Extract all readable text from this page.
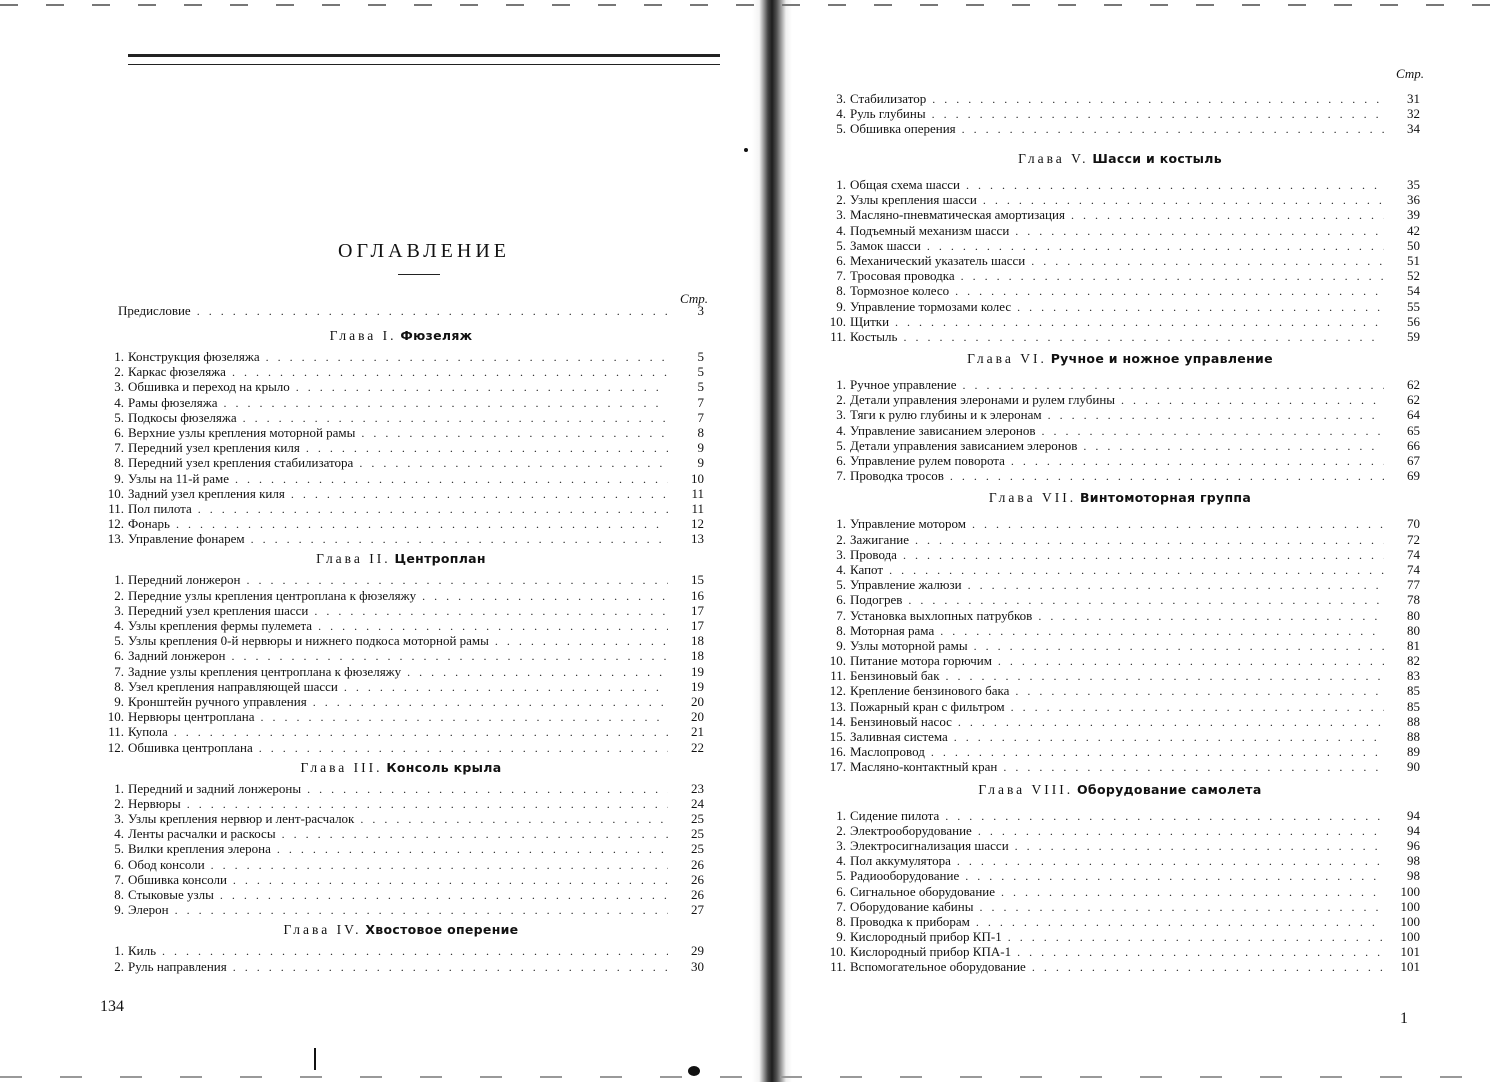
ОГЛАВЛЕНИЕ
Стр.
Предисловие . . .	3
Глава I. Фюзеляж
1. Конструкция фюзеляжа . . .	5
2. Каркас фюзеляжа . . .	5
3. Обшивка и переход на крыло . . .	5
4. Рамы фюзеляжа . . .	7
5. Подкосы фюзеляжа . . .	7
6. Верхние узлы крепления моторной рамы . . .	8
7. Передний узел крепления киля . . .	9
8. Передний узел крепления стабилизатора . . .	9
9. Узлы на 11-й раме . . .	10
10. Задний узел крепления киля . . .	11
11. Пол пилота . . .	11
12. Фонарь . . .	12
13. Управление фонарем . . .	13
Глава II. Центроплан
1. Передний лонжерон . . .	15
2. Передние узлы крепления центроплана к фюзеляжу . . .	16
3. Передний узел крепления шасси . . .	17
4. Узлы крепления фермы пулемета . . .	17
5. Узлы крепления 0-й нервюры и нижнего подкоса моторной рамы . . .	18
6. Задний лонжерон . . .	18
7. Задние узлы крепления центроплана к фюзеляжу . . .	19
8. Узел крепления направляющей шасси . . .	19
9. Кронштейн ручного управления . . .	20
10. Нервюры центроплана . . .	20
11. Купола . . .	21
12. Обшивка центроплана . . .	22
Глава III. Консоль крыла
1. Передний и задний лонжероны . . .	23
2. Нервюры . . .	24
3. Узлы крепления нервюр и лент-расчалок . . .	25
4. Ленты расчалки и раскосы . . .	25
5. Вилки крепления элерона . . .	25
6. Обод консоли . . .	26
7. Обшивка консоли . . .	26
8. Стыковые узлы . . .	26
9. Элерон . . .	27
Глава IV. Хвостовое оперение
1. Киль . . .	29
2. Руль направления . . .	30
134
Стр.
3. Стабилизатор . . .	31
4. Руль глубины . . .	32
5. Обшивка оперения . . .	34
Глава V. Шасси и костыль
1. Общая схема шасси . . .	35
2. Узлы крепления шасси . . .	36
3. Масляно-пневматическая амортизация . . .	39
4. Подъемный механизм шасси . . .	42
5. Замок шасси . . .	50
6. Механический указатель шасси . . .	51
7. Тросовая проводка . . .	52
8. Тормозное колесо . . .	54
9. Управление тормозами колес . . .	55
10. Щитки . . .	56
11. Костыль . . .	59
Глава VI. Ручное и ножное управление
1. Ручное управление . . .	62
2. Детали управления элеронами и рулем глубины . . .	62
3. Тяги к рулю глубины и к элеронам . . .	64
4. Управление зависанием элеронов . . .	65
5. Детали управления зависанием элеронов . . .	66
6. Управление рулем поворота . . .	67
7. Проводка тросов . . .	69
Глава VII. Винтомоторная группа
1. Управление мотором . . .	70
2. Зажигание . . .	72
3. Провода . . .	74
4. Капот . . .	74
5. Управление жалюзи . . .	77
6. Подогрев . . .	78
7. Установка выхлопных патрубков . . .	80
8. Моторная рама . . .	80
9. Узлы моторной рамы . . .	81
10. Питание мотора горючим . . .	82
11. Бензиновый бак . . .	83
12. Крепление бензинового бака . . .	85
13. Пожарный кран с фильтром . . .	85
14. Бензиновый насос . . .	88
15. Заливная система . . .	88
16. Маслопровод . . .	89
17. Масляно-контактный кран . . .	90
Глава VIII. Оборудование самолета
1. Сидение пилота . . .	94
2. Электрооборудование . . .	94
3. Электросигнализация шасси . . .	96
4. Пол аккумулятора . . .	98
5. Радиооборудование . . .	98
6. Сигнальное оборудование . . .	100
7. Оборудование кабины . . .	100
8. Проводка к приборам . . .	100
9. Кислородный прибор КП-1 . . .	100
10. Кислородный прибор КПА-1 . . .	101
11. Вспомогательное оборудование . . .	101
1
